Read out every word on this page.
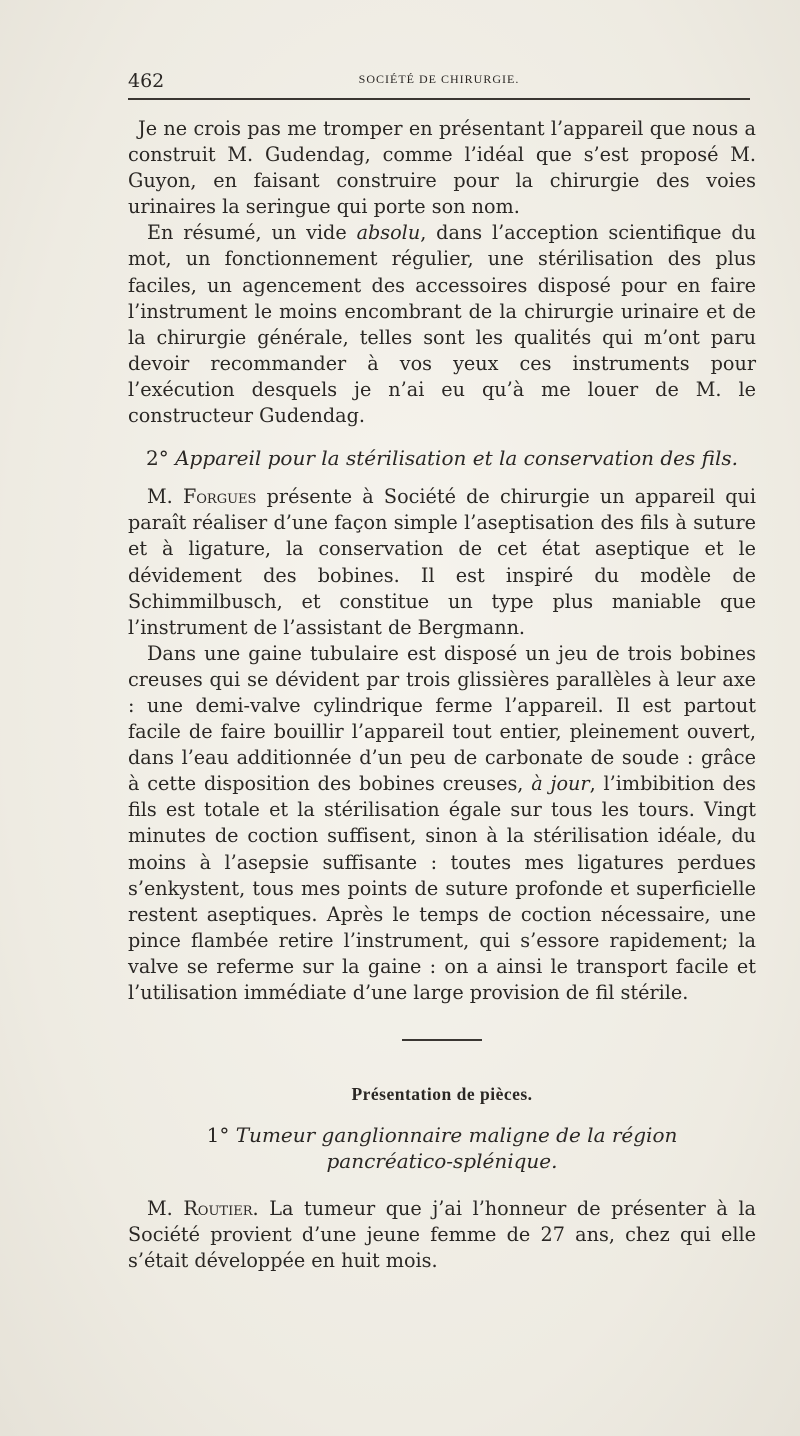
462	SOCIÉTÉ DE CHIRURGIE.

Je ne crois pas me tromper en présentant l’appareil que nous a construit M. Gudendag, comme l’idéal que s’est proposé M. Guyon, en faisant construire pour la chirurgie des voies urinaires la seringue qui porte son nom.

En résumé, un vide absolu, dans l’acception scientifique du mot, un fonctionnement régulier, une stérilisation des plus faciles, un agencement des accessoires disposé pour en faire l’instrument le moins encombrant de la chirurgie urinaire et de la chirurgie générale, telles sont les qualités qui m’ont paru devoir recommander à vos yeux ces instruments pour l’exécution desquels je n’ai eu qu’à me louer de M. le constructeur Gudendag.

2° Appareil pour la stérilisation et la conservation des fils.

M. Forgues présente à Société de chirurgie un appareil qui paraît réaliser d’une façon simple l’aseptisation des fils à suture et à ligature, la conservation de cet état aseptique et le dévidement des bobines. Il est inspiré du modèle de Schimmilbusch, et constitue un type plus maniable que l’instrument de l’assistant de Bergmann.

Dans une gaine tubulaire est disposé un jeu de trois bobines creuses qui se dévident par trois glissières parallèles à leur axe : une demi-valve cylindrique ferme l’appareil. Il est partout facile de faire bouillir l’appareil tout entier, pleinement ouvert, dans l’eau additionnée d’un peu de carbonate de soude : grâce à cette disposition des bobines creuses, à jour, l’imbibition des fils est totale et la stérilisation égale sur tous les tours. Vingt minutes de coction suffisent, sinon à la stérilisation idéale, du moins à l’asepsie suffisante : toutes mes ligatures perdues s’enkystent, tous mes points de suture profonde et superficielle restent aseptiques. Après le temps de coction nécessaire, une pince flambée retire l’instrument, qui s’essore rapidement; la valve se referme sur la gaine : on a ainsi le transport facile et l’utilisation immédiate d’une large provision de fil stérile.

Présentation de pièces.
1° Tumeur ganglionnaire maligne de la région
pancréatico-splénique.

M. Routier. La tumeur que j’ai l’honneur de présenter à la Société provient d’une jeune femme de 27 ans, chez qui elle s’était développée en huit mois.
